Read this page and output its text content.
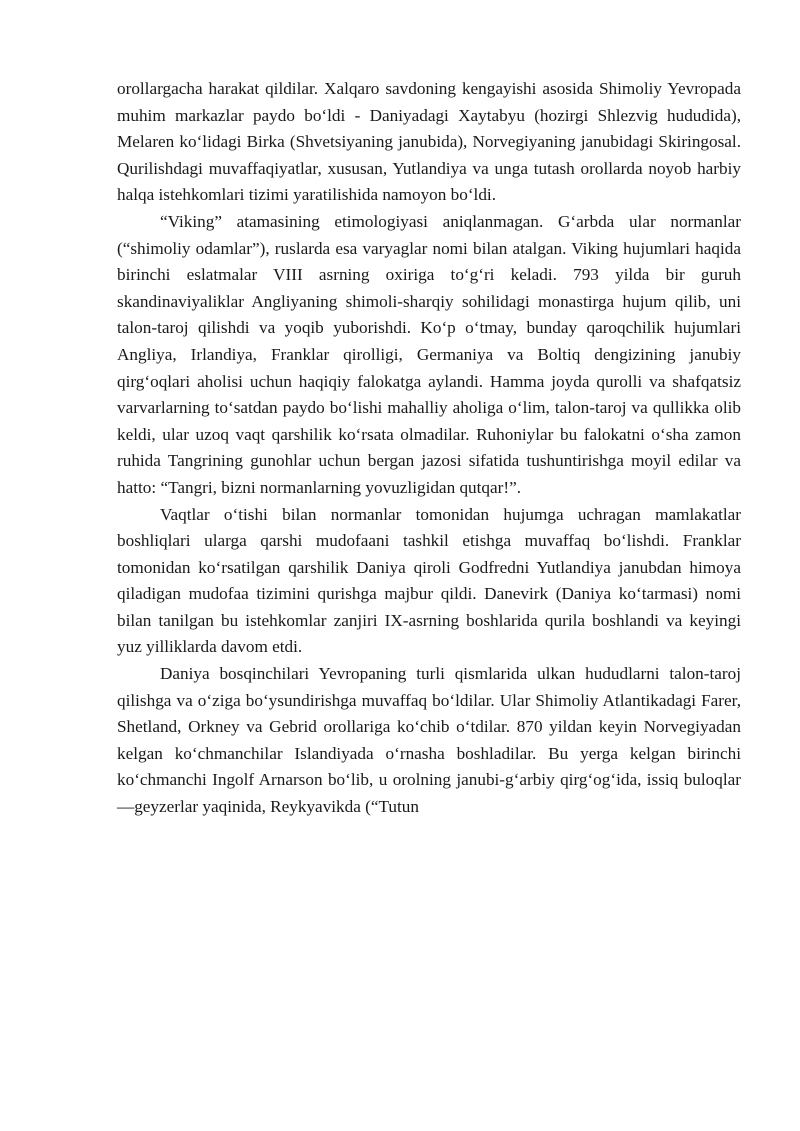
orollargacha harakat qildilar. Xalqaro savdoning kengayishi asosida Shimoliy Yevropada muhim markazlar paydo bo‘ldi - Daniyadagi Xaytabyu (hozirgi Shlezvig hududida), Melaren ko‘lidagi Birka (Shvetsiyaning janubida), Norvegiyaning janubidagi Skiringosal. Qurilishdagi muvaffaqiyatlar, xususan, Yutlandiya va unga tutash orollarda noyob harbiy halqa istehkomlari tizimi yaratilishida namoyon bo‘ldi.

“Viking” atamasining etimologiyasi aniqlanmagan. G‘arbda ular normanlar (“shimoliy odamlar”), ruslarda esa varyaglar nomi bilan atalgan. Viking hujumlari haqida birinchi eslatmalar VIII asrning oxiriga to‘g‘ri keladi. 793 yilda bir guruh skandinaviyaliklar Angliyaning shimoli-sharqiy sohilidagi monastirga hujum qilib, uni talon-taroj qilishdi va yoqib yuborishdi. Ko‘p o‘tmay, bunday qaroqchilik hujumlari Angliya, Irlandiya, Franklar qirolligi, Germaniya va Boltiq dengizining janubiy qirg‘oqlari aholisi uchun haqiqiy falokatga aylandi. Hamma joyda qurolli va shafqatsiz varvarlarning to‘satdan paydo bo‘lishi mahalliy aholiga o‘lim, talon-taroj va qullikka olib keldi, ular uzoq vaqt qarshilik ko‘rsata olmadilar. Ruhoniylar bu falokatni o‘sha zamon ruhida Tangrining gunohlar uchun bergan jazosi sifatida tushuntirishga moyil edilar va hatto: “Tangri, bizni normanlarning yovuzligidan qutqar!”.

Vaqtlar o‘tishi bilan normanlar tomonidan hujumga uchragan mamlakatlar boshliqlari ularga qarshi mudofaani tashkil etishga muvaffaq bo‘lishdi. Franklar tomonidan ko‘rsatilgan qarshilik Daniya qiroli Godfredni Yutlandiya janubdan himoya qiladigan mudofaa tizimini qurishga majbur qildi. Danevirk (Daniya ko‘tarmasi) nomi bilan tanilgan bu istehkomlar zanjiri IX-asrning boshlarida qurila boshlandi va keyingi yuz yilliklarda davom etdi.

Daniya bosqinchilari Yevropaning turli qismlarida ulkan hududlarni talon-taroj qilishga va o‘ziga bo‘ysundirishga muvaffaq bo‘ldilar. Ular Shimoliy Atlantikadagi Farer, Shetland, Orkney va Gebrid orollariga ko‘chib o‘tdilar. 870 yildan keyin Norvegiyadan kelgan ko‘chmanchilar Islandiyada o‘rnasha boshladilar. Bu yerga kelgan birinchi ko‘chmanchi Ingolf Arnarson bo‘lib, u orolning janubi-g‘arbiy qirg‘og‘ida, issiq buloqlar—geyzerlar yaqinida, Reykyavikda (“Tutun
